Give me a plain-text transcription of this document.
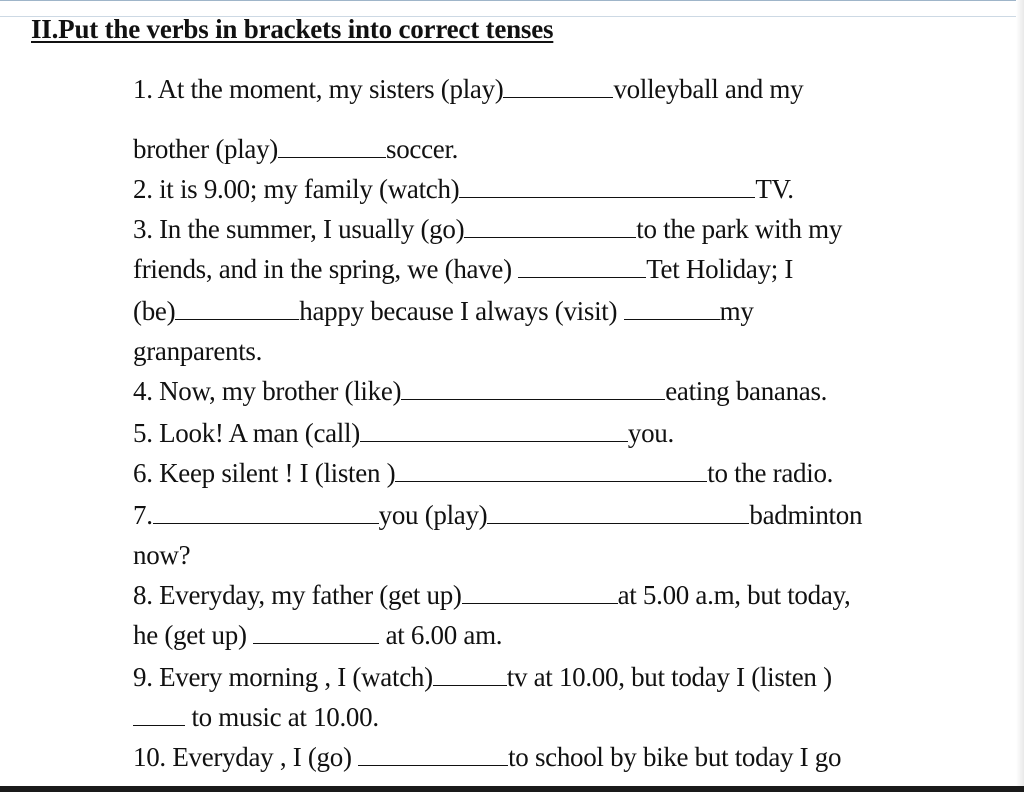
II.Put the verbs in brackets into correct tenses
1. At the moment, my sisters (play)	volleyball and my
brother (play)	soccer.
2. it is 9.00; my family (watch)	TV.
3. In the summer, I usually (go)	to the park with my
friends, and in the spring, we (have)	Tet Holiday; I
(be)	happy because I always (visit)	my
granparents.
4. Now, my brother (like)	eating bananas.
5. Look! A man (call)	you.
6. Keep silent ! I (listen )	to the radio.
7.	you (play)	badminton
now?
8. Everyday, my father (get up)	at 5.00 a.m, but today,
he (get up)	at 6.00 am.
9. Every morning , I (watch)	tv at 10.00, but today I (listen )
to music at 10.00.
10. Everyday , I (go)	to school by bike but today I go
